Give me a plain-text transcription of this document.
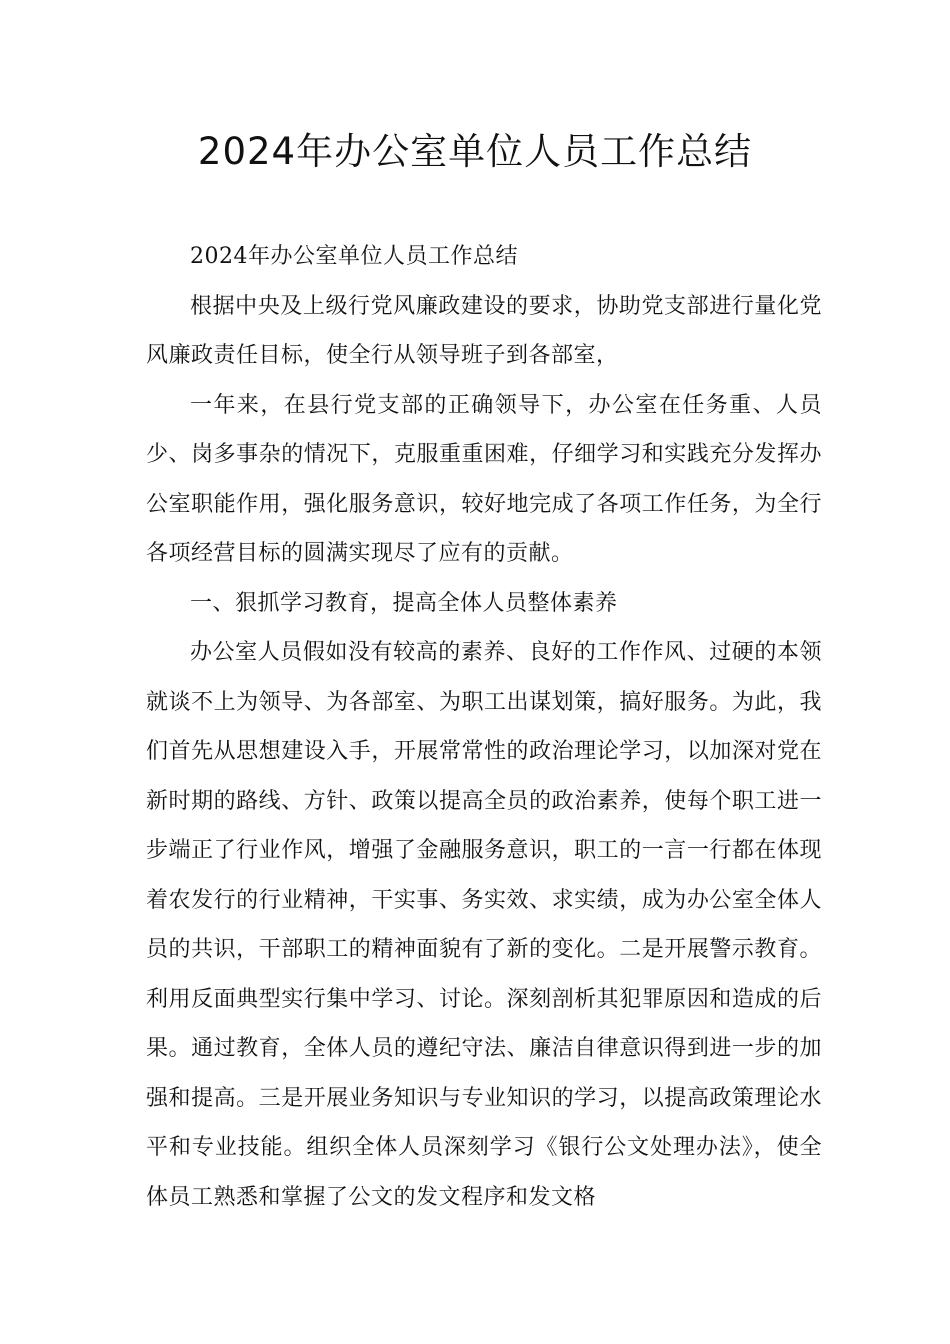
2024年办公室单位人员工作总结

2024年办公室单位人员工作总结

根据中央及上级行党风廉政建设的要求，协助党支部进行量化党风廉政责任目标，使全行从领导班子到各部室，

一年来，在县行党支部的正确领导下，办公室在任务重、人员少、岗多事杂的情况下，克服重重困难，仔细学习和实践充分发挥办公室职能作用，强化服务意识，较好地完成了各项工作任务，为全行各项经营目标的圆满实现尽了应有的贡献。

一、狠抓学习教育，提高全体人员整体素养

办公室人员假如没有较高的素养、良好的工作作风、过硬的本领就谈不上为领导、为各部室、为职工出谋划策，搞好服务。为此，我们首先从思想建设入手，开展常常性的政治理论学习，以加深对党在新时期的路线、方针、政策以提高全员的政治素养，使每个职工进一步端正了行业作风，增强了金融服务意识，职工的一言一行都在体现着农发行的行业精神，干实事、务实效、求实绩，成为办公室全体人员的共识，干部职工的精神面貌有了新的变化。二是开展警示教育。利用反面典型实行集中学习、讨论。深刻剖析其犯罪原因和造成的后果。通过教育，全体人员的遵纪守法、廉洁自律意识得到进一步的加强和提高。三是开展业务知识与专业知识的学习，以提高政策理论水平和专业技能。组织全体人员深刻学习《银行公文处理办法》，使全体员工熟悉和掌握了公文的发文程序和发文格
